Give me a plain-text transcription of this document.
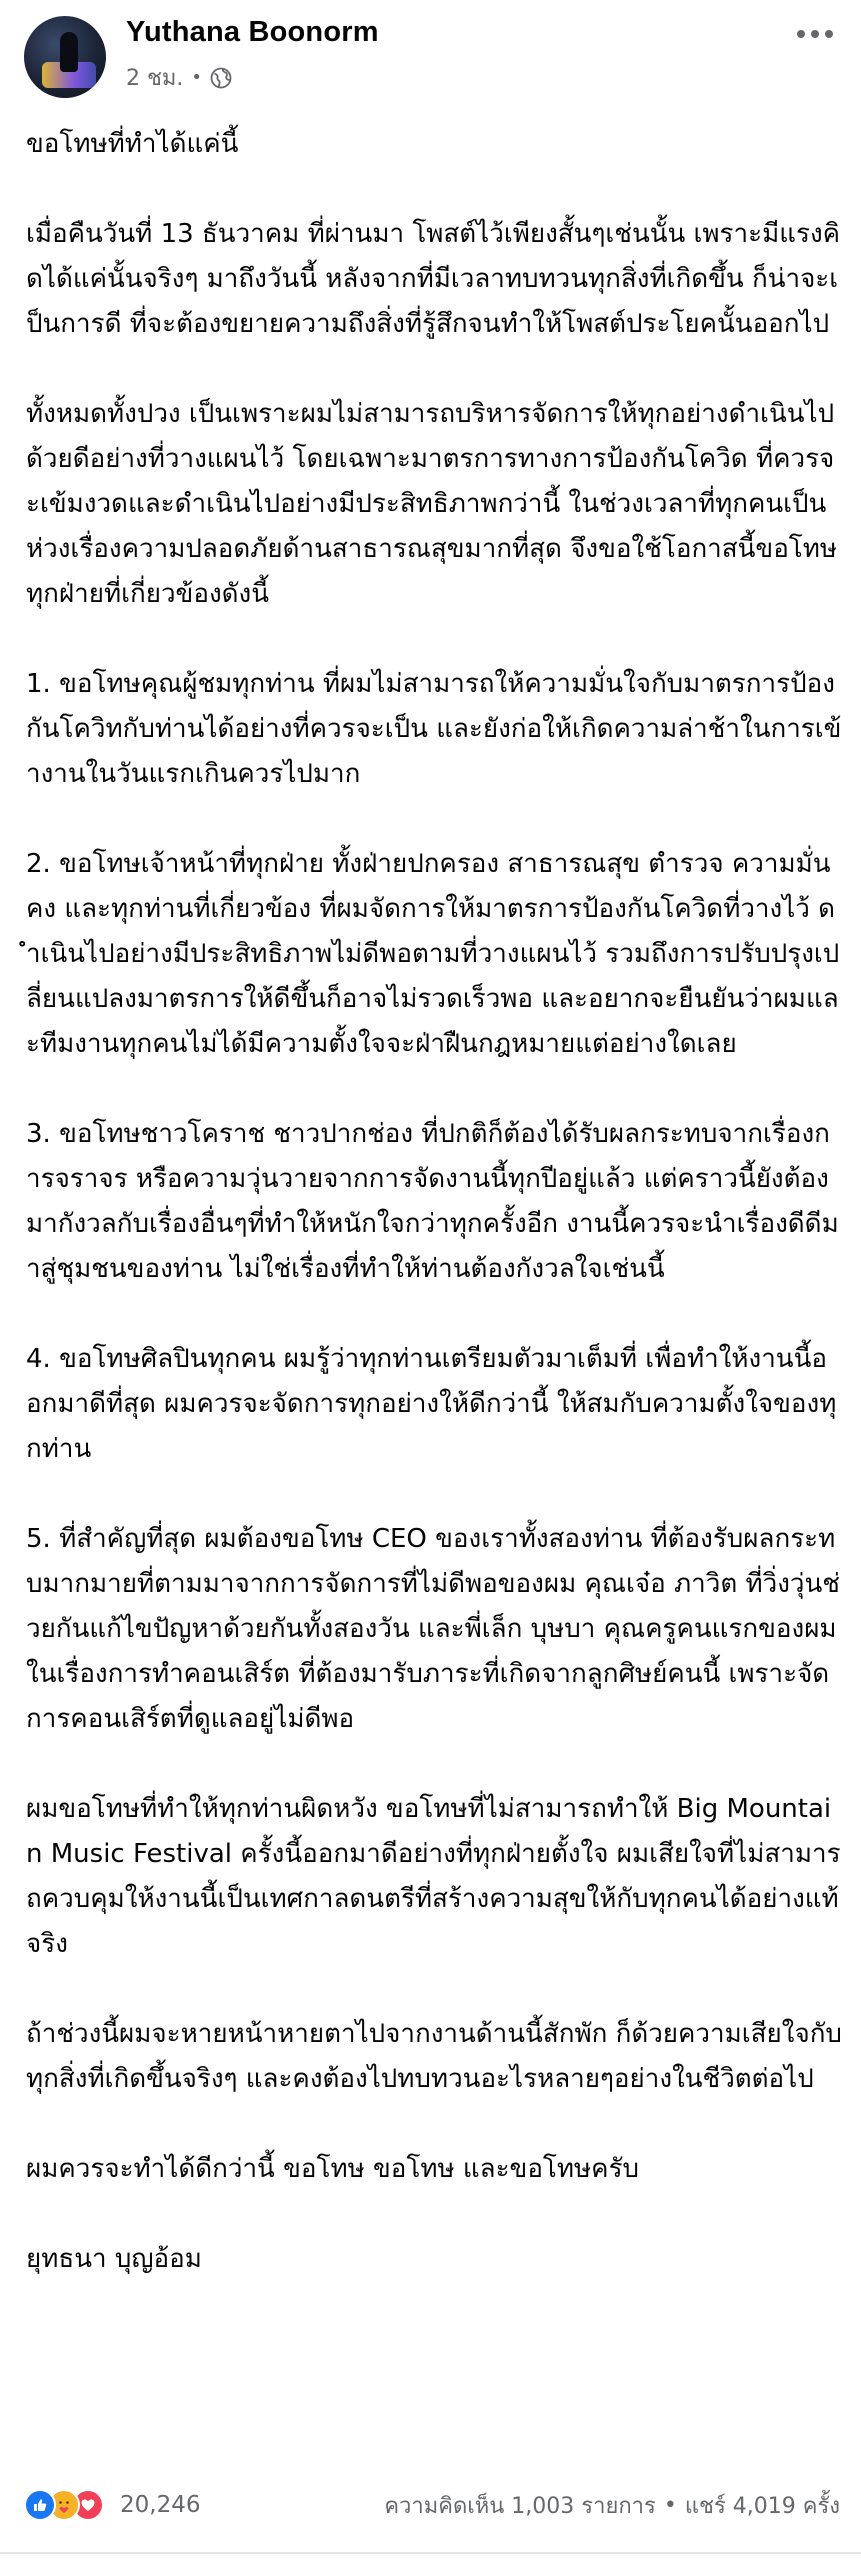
Yuthana Boonorm
2 ชม. •

ขอโทษที่ทำได้แค่นี้

เมื่อคืนวันที่ 13 ธันวาคม ที่ผ่านมา โพสต์ไว้เพียงสั้นๆเช่นนั้น เพราะมีแรงคิดได้แค่นั้นจริงๆ มาถึงวันนี้ หลังจากที่มีเวลาทบทวนทุกสิ่งที่เกิดขึ้น ก็น่าจะเป็นการดี ที่จะต้องขยายความถึงสิ่งที่รู้สึกจนทำให้โพสต์ประโยคนั้นออกไป

ทั้งหมดทั้งปวง เป็นเพราะผมไม่สามารถบริหารจัดการให้ทุกอย่างดำเนินไปด้วยดีอย่างที่วางแผนไว้ โดยเฉพาะมาตรการทางการป้องกันโควิด ที่ควรจะเข้มงวดและดำเนินไปอย่างมีประสิทธิภาพกว่านี้ ในช่วงเวลาที่ทุกคนเป็นห่วงเรื่องความปลอดภัยด้านสาธารณสุขมากที่สุด จึงขอใช้โอกาสนี้ขอโทษทุกฝ่ายที่เกี่ยวข้องดังนี้

1. ขอโทษคุณผู้ชมทุกท่าน ที่ผมไม่สามารถให้ความมั่นใจกับมาตรการป้องกันโควิทกับท่านได้อย่างที่ควรจะเป็น และยังก่อให้เกิดความล่าช้าในการเข้างานในวันแรกเกินควรไปมาก

2. ขอโทษเจ้าหน้าที่ทุกฝ่าย ทั้งฝ่ายปกครอง สาธารณสุข ตำรวจ ความมั่นคง และทุกท่านที่เกี่ยวข้อง ที่ผมจัดการให้มาตรการป้องกันโควิดที่วางไว้ ดำเนินไปอย่างมีประสิทธิภาพไม่ดีพอตามที่วางแผนไว้ รวมถึงการปรับปรุงเปลี่ยนแปลงมาตรการให้ดีขึ้นก็อาจไม่รวดเร็วพอ และอยากจะยืนยันว่าผมและทีมงานทุกคนไม่ได้มีความตั้งใจจะฝ่าฝืนกฎหมายแต่อย่างใดเลย

3. ขอโทษชาวโคราช ชาวปากช่อง ที่ปกติก็ต้องได้รับผลกระทบจากเรื่องการจราจร หรือความวุ่นวายจากการจัดงานนี้ทุกปีอยู่แล้ว แต่คราวนี้ยังต้องมากังวลกับเรื่องอื่นๆที่ทำให้หนักใจกว่าทุกครั้งอีก งานนี้ควรจะนำเรื่องดีดีมาสู่ชุมชนของท่าน ไม่ใช่เรื่องที่ทำให้ท่านต้องกังวลใจเช่นนี้

4. ขอโทษศิลปินทุกคน ผมรู้ว่าทุกท่านเตรียมตัวมาเต็มที่ เพื่อทำให้งานนี้ออกมาดีที่สุด ผมควรจะจัดการทุกอย่างให้ดีกว่านี้ ให้สมกับความตั้งใจของทุกท่าน

5. ที่สำคัญที่สุด ผมต้องขอโทษ CEO ของเราทั้งสองท่าน ที่ต้องรับผลกระทบมากมายที่ตามมาจากการจัดการที่ไม่ดีพอของผม คุณเจ๋อ ภาวิต ที่วิ่งวุ่นช่วยกันแก้ไขปัญหาด้วยกันทั้งสองวัน และพี่เล็ก บุษบา คุณครูคนแรกของผมในเรื่องการทำคอนเสิร์ต ที่ต้องมารับภาระที่เกิดจากลูกศิษย์คนนี้ เพราะจัดการคอนเสิร์ตที่ดูแลอยู่ไม่ดีพอ

ผมขอโทษที่ทำให้ทุกท่านผิดหวัง ขอโทษที่ไม่สามารถทำให้ Big Mountain Music Festival ครั้งนี้ออกมาดีอย่างที่ทุกฝ่ายตั้งใจ ผมเสียใจที่ไม่สามารถควบคุมให้งานนี้เป็นเทศกาลดนตรีที่สร้างความสุขให้กับทุกคนได้อย่างแท้จริง

ถ้าช่วงนี้ผมจะหายหน้าหายตาไปจากงานด้านนี้สักพัก ก็ด้วยความเสียใจกับทุกสิ่งที่เกิดขึ้นจริงๆ และคงต้องไปทบทวนอะไรหลายๆอย่างในชีวิตต่อไป

ผมควรจะทำได้ดีกว่านี้ ขอโทษ ขอโทษ และขอโทษครับ

ยุทธนา บุญอ้อม

20,246	ความคิดเห็น 1,003 รายการ • แชร์ 4,019 ครั้ง
